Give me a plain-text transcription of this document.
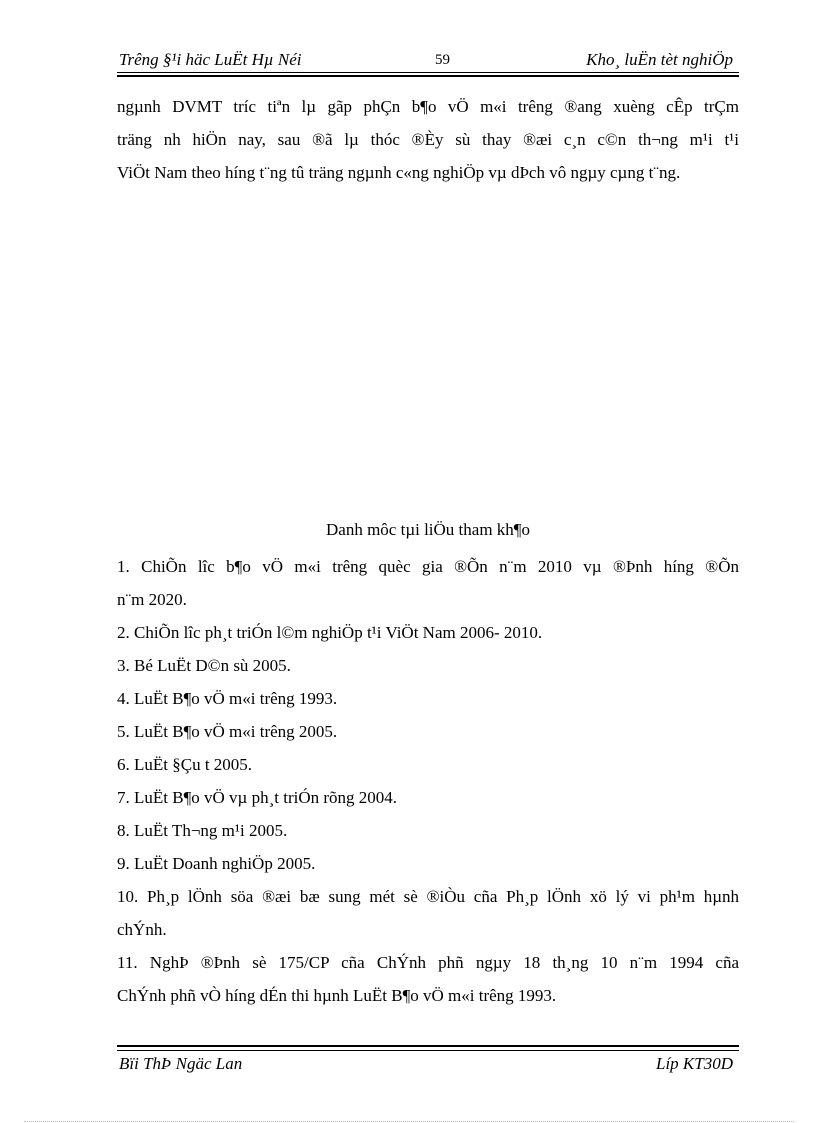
Trêng §¹i häc LuËt Hµ Néi	59	Kho¸ luËn tèt nghiÖp
ngµnh DVMT tríc tiªn lµ gãp phÇn b¶o vÖ m«i trêng ®ang xuèng cÊp trÇm
träng nh hiÖn nay, sau ®ã lµ thóc ®Èy sù thay ®æi c¸n c©n th¬ng m¹i t¹i
ViÖt Nam theo híng t¨ng tû träng ngµnh c«ng nghiÖp vµ dÞch vô ngµy cµng t¨ng.
Danh môc tµi liÖu tham kh¶o
1. ChiÕn lîc b¶o vÖ m«i trêng quèc gia ®Õn n¨m 2010 vµ ®Þnh híng ®Õn
n¨m 2020.
2. ChiÕn lîc ph¸t triÓn l©m nghiÖp t¹i ViÖt Nam 2006- 2010.
3. Bé LuËt D©n sù 2005.
4. LuËt B¶o vÖ m«i trêng 1993.
5. LuËt B¶o vÖ m«i trêng 2005.
6. LuËt §Çu t 2005.
7. LuËt B¶o vÖ vµ ph¸t triÓn rõng 2004.
8. LuËt Th¬ng m¹i 2005.
9. LuËt Doanh nghiÖp 2005.
10. Ph¸p lÖnh söa ®æi bæ sung mét sè ®iÒu cña Ph¸p lÖnh xö lý vi ph¹m hµnh
chÝnh.
11. NghÞ ®Þnh sè 175/CP cña ChÝnh phñ ngµy 18 th¸ng 10 n¨m 1994 cña
ChÝnh phñ vÒ híng dÉn thi hµnh LuËt B¶o vÖ m«i trêng 1993.
Bïi ThÞ Ngäc Lan	Líp KT30D
